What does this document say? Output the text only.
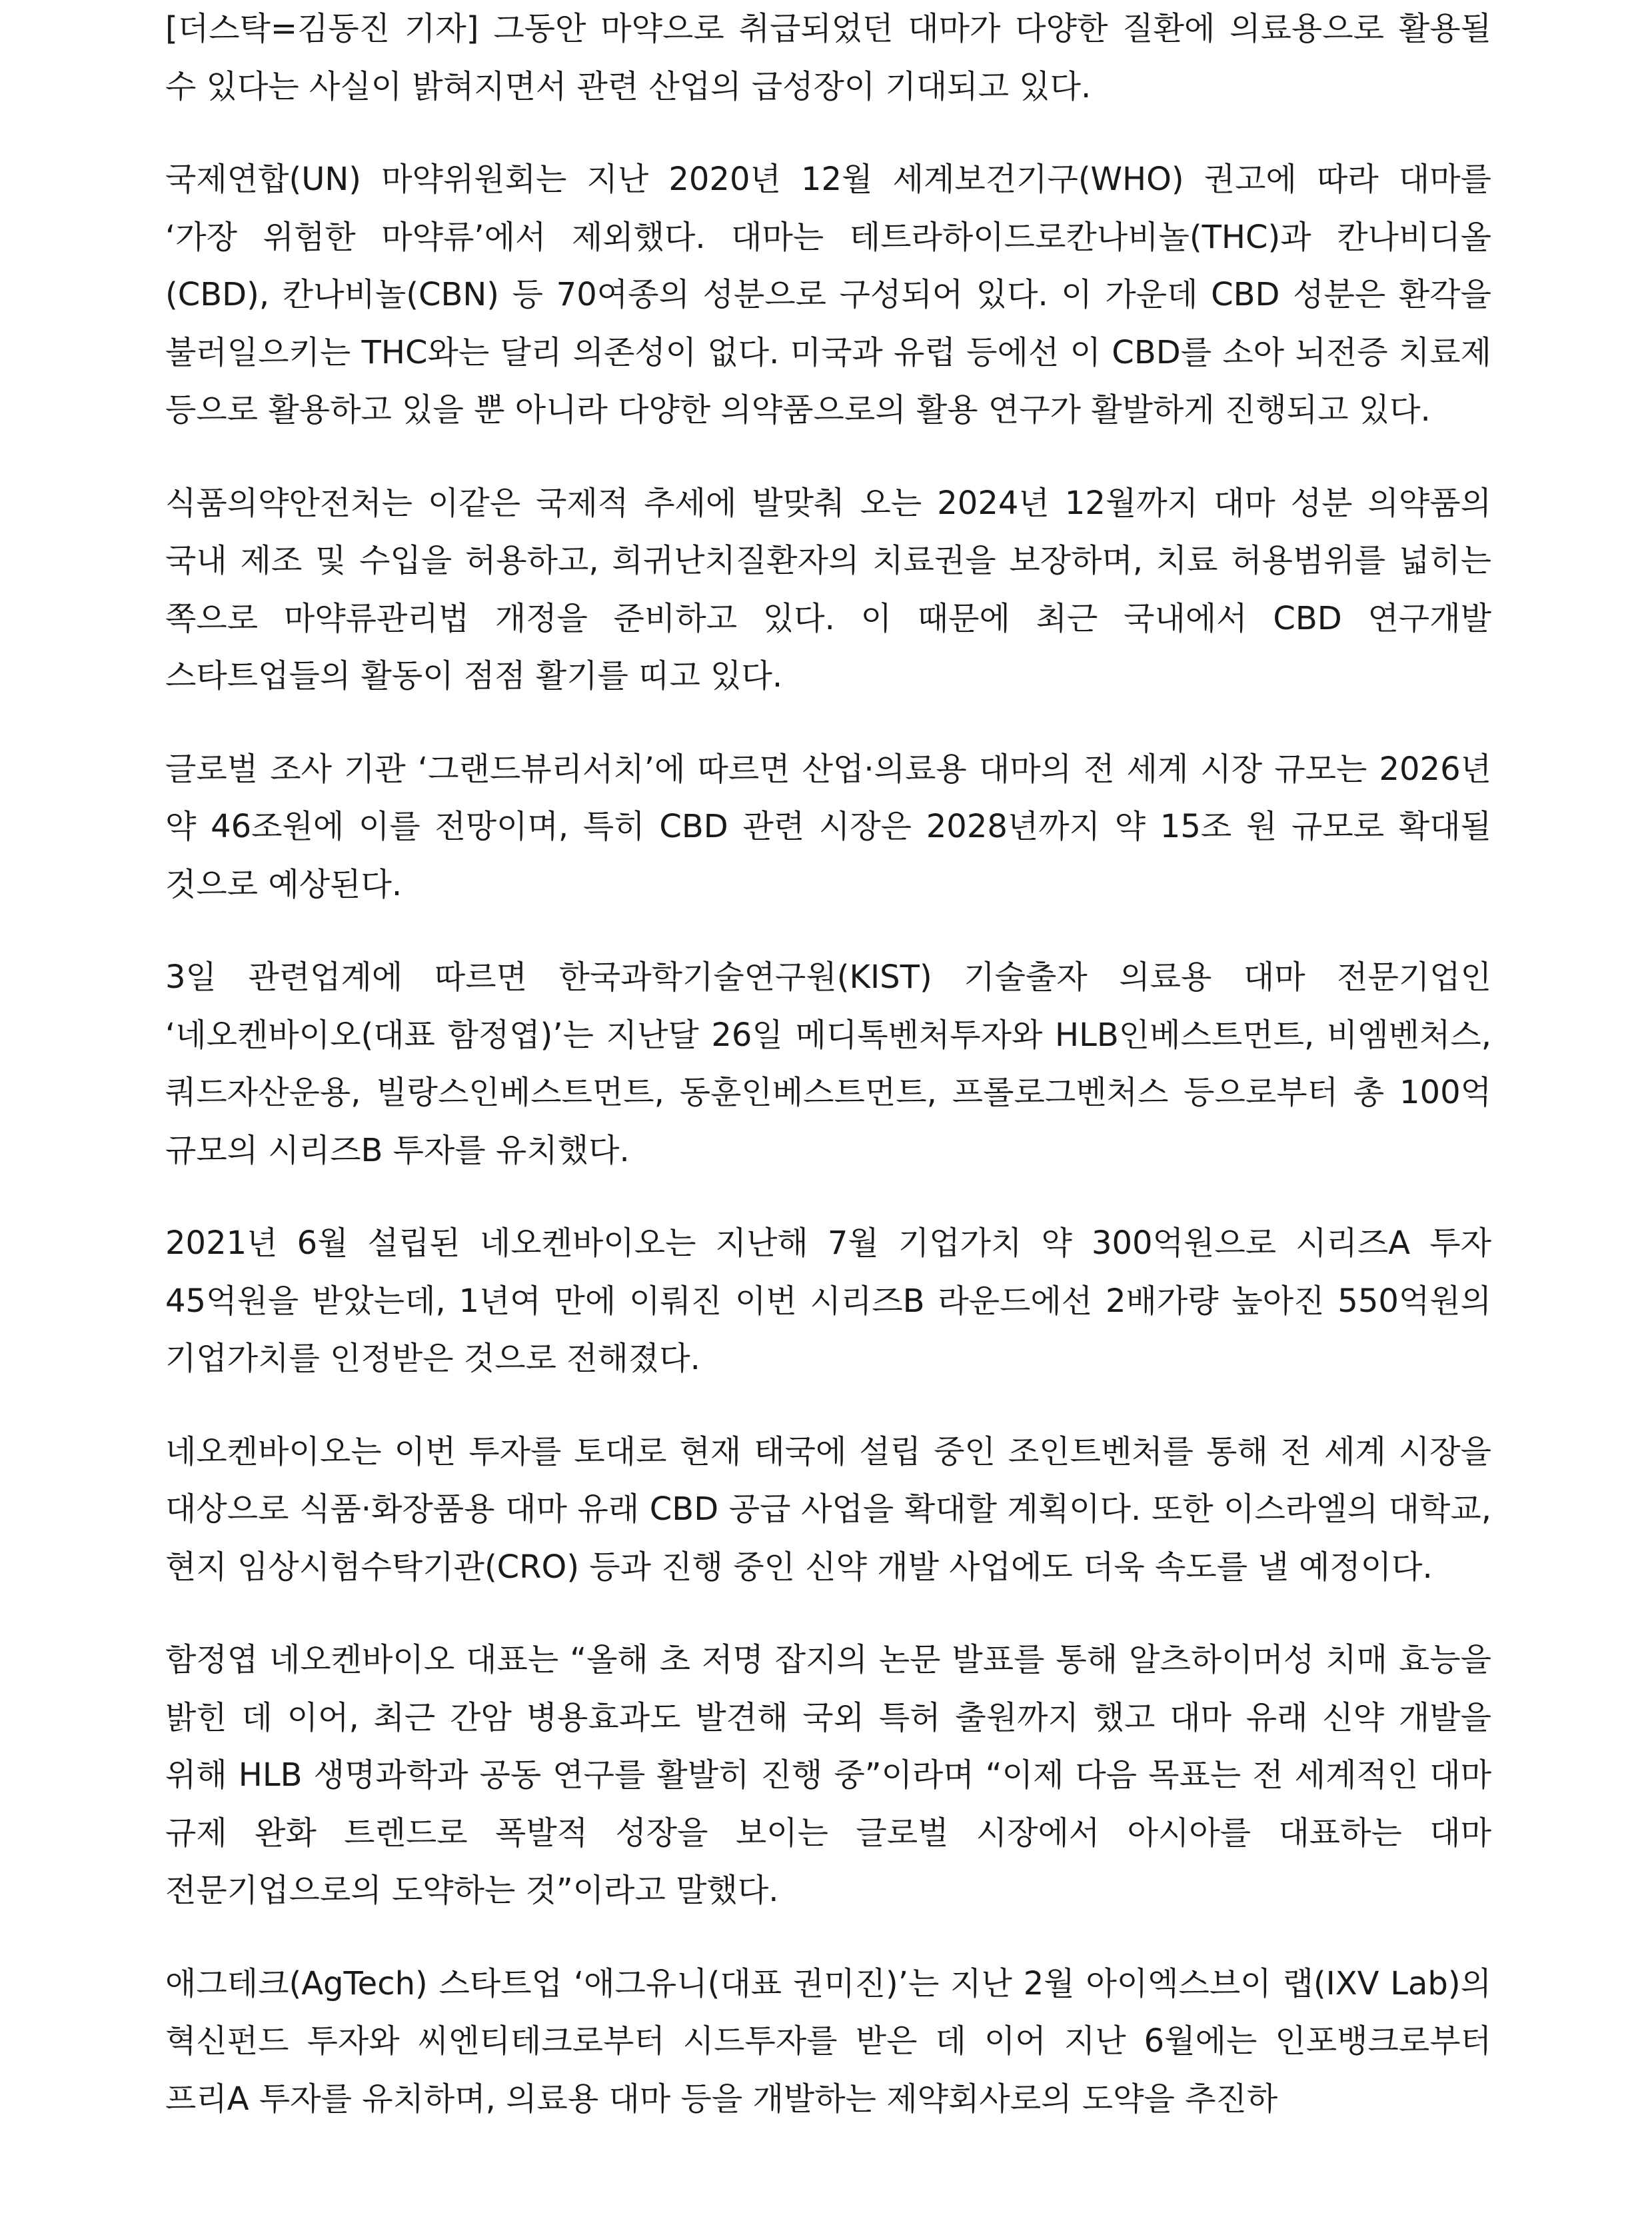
[더스탁=김동진 기자] 그동안 마약으로 취급되었던 대마가 다양한 질환에 의료용으로 활용될 수 있다는 사실이 밝혀지면서 관련 산업의 급성장이 기대되고 있다.

국제연합(UN) 마약위원회는 지난 2020년 12월 세계보건기구(WHO) 권고에 따라 대마를 ‘가장 위험한 마약류’에서 제외했다. 대마는 테트라하이드로칸나비놀(THC)과 칸나비디올(CBD), 칸나비놀(CBN) 등 70여종의 성분으로 구성되어 있다. 이 가운데 CBD 성분은 환각을 불러일으키는 THC와는 달리 의존성이 없다. 미국과 유럽 등에선 이 CBD를 소아 뇌전증 치료제 등으로 활용하고 있을 뿐 아니라 다양한 의약품으로의 활용 연구가 활발하게 진행되고 있다.

식품의약안전처는 이같은 국제적 추세에 발맞춰 오는 2024년 12월까지 대마 성분 의약품의 국내 제조 및 수입을 허용하고, 희귀난치질환자의 치료권을 보장하며, 치료 허용범위를 넓히는 쪽으로 마약류관리법 개정을 준비하고 있다. 이 때문에 최근 국내에서 CBD 연구개발 스타트업들의 활동이 점점 활기를 띠고 있다.

글로벌 조사 기관 ‘그랜드뷰리서치’에 따르면 산업·의료용 대마의 전 세계 시장 규모는 2026년 약 46조원에 이를 전망이며, 특히 CBD 관련 시장은 2028년까지 약 15조 원 규모로 확대될 것으로 예상된다.

3일 관련업계에 따르면 한국과학기술연구원(KIST) 기술출자 의료용 대마 전문기업인 ‘네오켄바이오(대표 함정엽)’는 지난달 26일 메디톡벤처투자와 HLB인베스트먼트, 비엠벤처스, 쿼드자산운용, 빌랑스인베스트먼트, 동훈인베스트먼트, 프롤로그벤처스 등으로부터 총 100억 규모의 시리즈B 투자를 유치했다.

2021년 6월 설립된 네오켄바이오는 지난해 7월 기업가치 약 300억원으로 시리즈A 투자 45억원을 받았는데, 1년여 만에 이뤄진 이번 시리즈B 라운드에선 2배가량 높아진 550억원의 기업가치를 인정받은 것으로 전해졌다.

네오켄바이오는 이번 투자를 토대로 현재 태국에 설립 중인 조인트벤처를 통해 전 세계 시장을 대상으로 식품·화장품용 대마 유래 CBD 공급 사업을 확대할 계획이다. 또한 이스라엘의 대학교, 현지 임상시험수탁기관(CRO) 등과 진행 중인 신약 개발 사업에도 더욱 속도를 낼 예정이다.

함정엽 네오켄바이오 대표는 “올해 초 저명 잡지의 논문 발표를 통해 알츠하이머성 치매 효능을 밝힌 데 이어, 최근 간암 병용효과도 발견해 국외 특허 출원까지 했고 대마 유래 신약 개발을 위해 HLB 생명과학과 공동 연구를 활발히 진행 중”이라며 “이제 다음 목표는 전 세계적인 대마 규제 완화 트렌드로 폭발적 성장을 보이는 글로벌 시장에서 아시아를 대표하는 대마 전문기업으로의 도약하는 것”이라고 말했다.

애그테크(AgTech) 스타트업 ‘애그유니(대표 권미진)’는 지난 2월 아이엑스브이 랩(IXV Lab)의 혁신펀드 투자와 씨엔티테크로부터 시드투자를 받은 데 이어 지난 6월에는 인포뱅크로부터 프리A 투자를 유치하며, 의료용 대마 등을 개발하는 제약회사로의 도약을 추진하
